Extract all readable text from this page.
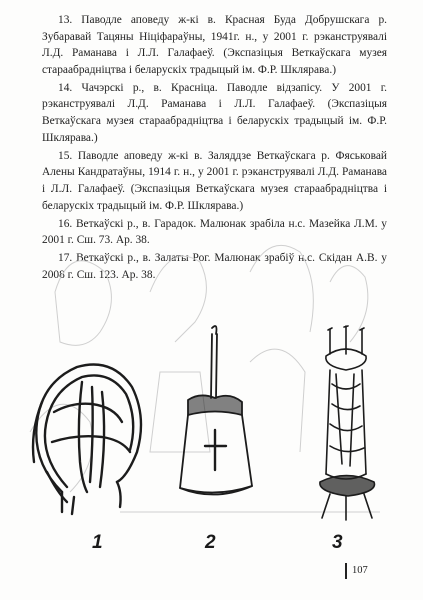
13. Паводле аповеду ж-кі в. Красная Буда Добрушскага р. Зубаравай Тацяны Ніціфараўны, 1941г. н., у 2001 г. рэканструявалі Л.Д. Раманава і Л.Л. Галафаеў. (Экспазіцыя Веткаўскага музея стараабрадніцтва і беларускіх традыцый ім. Ф.Р. Шклярава.)

14. Чачэрскі р., в. Красніца. Паводле відзапісу. У 2001 г. рэканструявалі Л.Д. Раманава і Л.Л. Галафаеў. (Экспазіцыя Веткаўскага музея стараабрадніцтва і беларускіх традыцый ім. Ф.Р. Шклярава.)

15. Паводле аповеду ж-кі в. Заляддзе Веткаўскага р. Фяськовай Алены Кандратаўны, 1914 г. н., у 2001 г. рэканструявалі Л.Д. Раманава і Л.Л. Галафаеў. (Экспазіцыя Веткаўскага музея стараабрадніцтва і беларускіх традыцый ім. Ф.Р. Шклярава.)

16. Веткаўскі р., в. Гарадок. Малюнак зрабіла н.с. Мазейка Л.М. у 2001 г. Сш. 73. Ар. 38.

17. Веткаўскі р., в. Залаты Рог. Малюнак зрабіў н.с. Скідан А.В. у 2008 г. Сш. 123. Ар. 38.

1	2	3
107
